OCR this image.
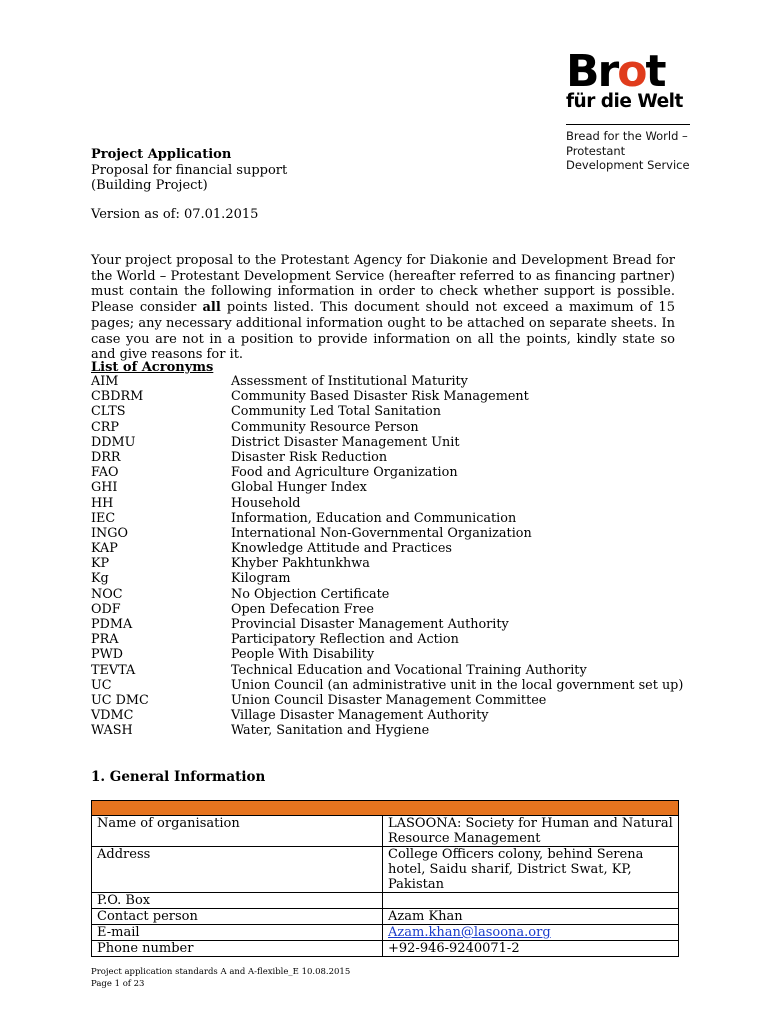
Brot
für die Welt
Bread for the World –
Protestant
Development Service
Project Application
Proposal for financial support
(Building Project)
Version as of: 07.01.2015
Your project proposal to the Protestant Agency for Diakonie and Development Bread for the World – Protestant Development Service (hereafter referred to as financing partner) must contain the following information in order to check whether support is possible. Please consider all points listed. This document should not exceed a maximum of 15 pages; any necessary additional information ought to be attached on separate sheets. In case you are not in a position to provide information on all the points, kindly state so and give reasons for it.
List of Acronyms
AIM	Assessment of Institutional Maturity
CBDRM	Community Based Disaster Risk Management
CLTS	Community Led Total Sanitation
CRP	Community Resource Person
DDMU	District Disaster Management Unit
DRR	Disaster Risk Reduction
FAO	Food and Agriculture Organization
GHI	Global Hunger Index
HH	Household
IEC	Information, Education and Communication
INGO	International Non-Governmental Organization
KAP	Knowledge Attitude and Practices
KP	Khyber Pakhtunkhwa
Kg	Kilogram
NOC	No Objection Certificate
ODF	Open Defecation Free
PDMA	Provincial Disaster Management Authority
PRA	Participatory Reflection and Action
PWD	People With Disability
TEVTA	Technical Education and Vocational Training Authority
UC	Union Council (an administrative unit in the local government set up)
UC DMC	Union Council Disaster Management Committee
VDMC	Village Disaster Management Authority
WASH	Water, Sanitation and Hygiene
1. General Information

Name of organisation	LASOONA: Society for Human and Natural Resource Management
Address	College Officers colony, behind Serena hotel, Saidu sharif, District Swat, KP, Pakistan
P.O. Box	
Contact person	Azam Khan
E-mail	Azam.khan@lasoona.org
Phone number	+92-946-9240071-2
Project application standards A and A-flexible_E 10.08.2015
Page 1 of 23
